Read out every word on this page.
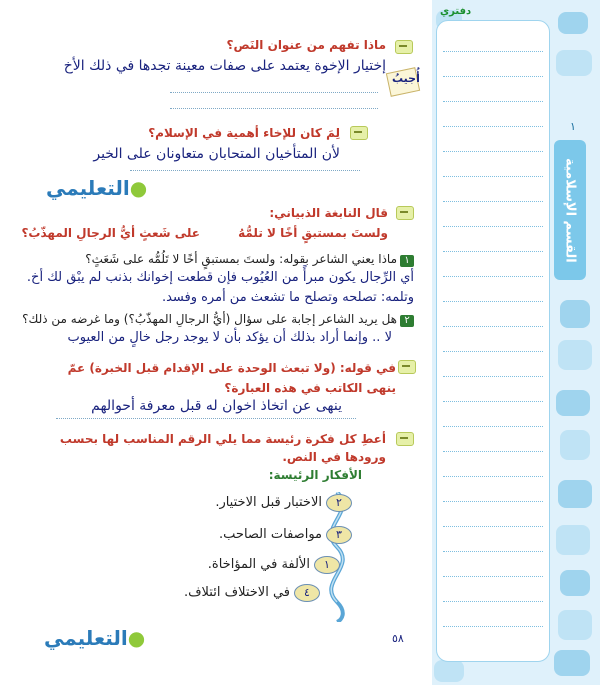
ماذا تفهم من عنوان النَص؟
إختيار الإخوة يعتمد على صفات معينة تجدها في ذلك الأخ
أُجيبُ
لِمَ كان للإخاء أهمية في الإسلام؟
لأن المتأخيان المتحابان متعاونان على الخير
التعليمي●
قال النابغة الذبياني:
ولستَ بمستبقٍ أخًا لا تلمُّهُ
على شَعثٍ أيُّ الرجالِ المهذّبُ؟
١ماذا يعني الشاعر بقوله: ولستَ بمستبقٍ أخًا لا تَلُمُّه على شَعَثٍ؟
أي الرِّجال يكون مبرأً من العُيُوب فإن قطعت إخوانك بذنب لم يبْق لك أخ.
وتلمه: تصلحه وتصلح ما تشعث من أمره وفسد.
٢هل يريد الشاعر إجابة على سؤال (أيُّ الرجالِ المهذّبُ؟) وما غرضه من ذلك؟
لا .. وإنما أراد بذلك أن يؤكد بأن لا يوجد رجل خالٍ من العيوب
في قوله: (ولا تبعث الوحدة على الإقدام قبل الخبرة) عمّ ينهى الكاتب في هذه العبارة؟
ينهى عن اتخاذ اخوان له قبل معرفة أحوالهم
أعطِ كل فكرة رئيسة مما يلي الرقم المناسب لها بحسب ورودها في النص.
الأفكار الرئيسة:
٢الاختبار قبل الاختيار.
٣مواصفات الصاحب.
١الألفة في المؤاخاة.
٤في الاختلاف ائتلاف.
التعليمي●	٥٨
دفتري
١
القسم الإسلامية
